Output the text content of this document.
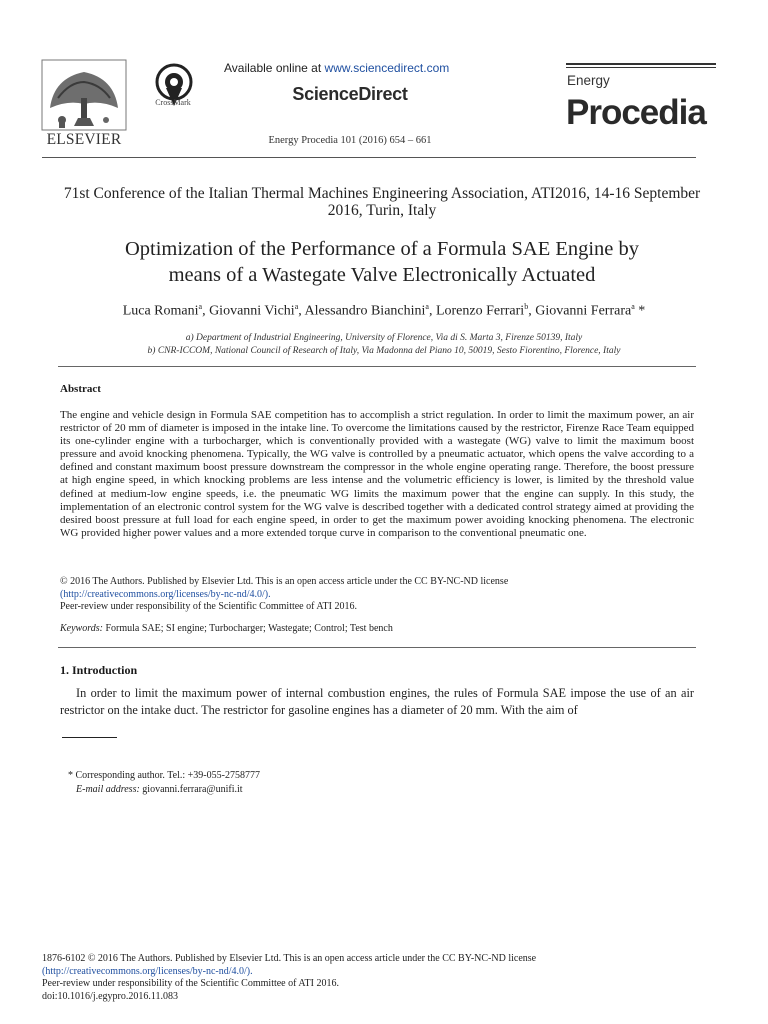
ELSEVIER
CrossMark
Available online at www.sciencedirect.com
ScienceDirect
Energy Procedia 101 (2016) 654 – 661
Energy
Procedia
71st Conference of the Italian Thermal Machines Engineering Association, ATI2016, 14-16 September 2016, Turin, Italy
Optimization of the Performance of a Formula SAE Engine by
means of a Wastegate Valve Electronically Actuated
Luca Romani$^a$, Giovanni Vichi$^a$, Alessandro Bianchini$^a$, Lorenzo Ferrari$^b$, Giovanni Ferrara$^a$ *
a) Department of Industrial Engineering, University of Florence, Via di S. Marta 3, Firenze 50139, Italy
b) CNR-ICCOM, National Council of Research of Italy, Via Madonna del Piano 10, 50019, Sesto Fiorentino, Florence, Italy
Abstract
The engine and vehicle design in Formula SAE competition has to accomplish a strict regulation. In order to limit the maximum power, an air restrictor of 20 mm of diameter is imposed in the intake line. To overcome the limitations caused by the restrictor, Firenze Race Team equipped its one-cylinder engine with a turbocharger, which is conventionally provided with a wastegate (WG) valve to limit the maximum boost pressure and avoid knocking phenomena. Typically, the WG valve is controlled by a pneumatic actuator, which opens the valve according to a defined and constant maximum boost pressure downstream the compressor in the whole engine operating range. Therefore, the boost pressure at high engine speed, in which knocking problems are less intense and the volumetric efficiency is lower, is limited by the threshold value defined at medium-low engine speeds, i.e. the pneumatic WG limits the maximum power that the engine can supply. In this study, the implementation of an electronic control system for the WG valve is described together with a dedicated control strategy aimed at providing the desired boost pressure at full load for each engine speed, in order to get the maximum power avoiding knocking phenomena. The electronic WG provided higher power values and a more extended torque curve in comparison to the conventional pneumatic one.
© 2016 The Authors. Published by Elsevier Ltd. This is an open access article under the CC BY-NC-ND license
(http://creativecommons.org/licenses/by-nc-nd/4.0/).
Peer-review under responsibility of the Scientific Committee of ATI 2016.
Keywords: Formula SAE; SI engine; Turbocharger; Wastegate; Control; Test bench
1. Introduction
In order to limit the maximum power of internal combustion engines, the rules of Formula SAE impose the use of an air restrictor on the intake duct. The restrictor for gasoline engines has a diameter of 20 mm. With the aim of
* Corresponding author. Tel.: +39-055-2758777
E-mail address: giovanni.ferrara@unifi.it
1876-6102 © 2016 The Authors. Published by Elsevier Ltd. This is an open access article under the CC BY-NC-ND license
(http://creativecommons.org/licenses/by-nc-nd/4.0/).
Peer-review under responsibility of the Scientific Committee of ATI 2016.
doi:10.1016/j.egypro.2016.11.083
